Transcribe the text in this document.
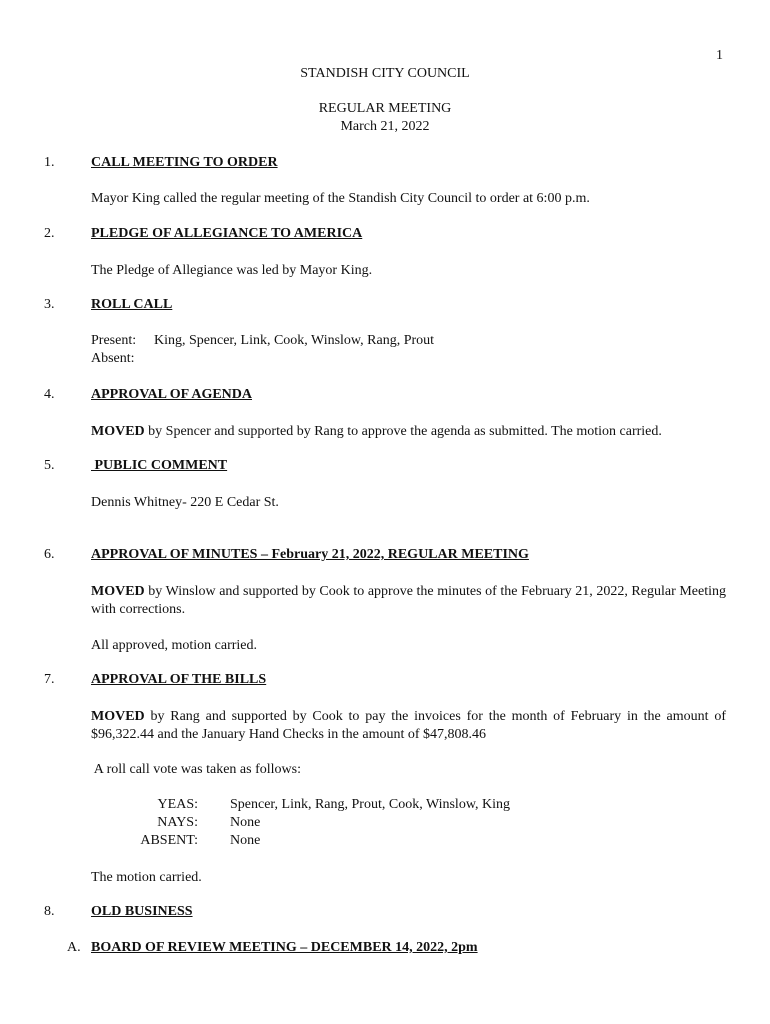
1
STANDISH CITY COUNCIL
REGULAR MEETING
March 21, 2022
1.	CALL MEETING TO ORDER
Mayor King called the regular meeting of the Standish City Council to order at 6:00 p.m.
2.	PLEDGE OF ALLEGIANCE TO AMERICA
The Pledge of Allegiance was led by Mayor King.
3.	ROLL CALL
Present: King, Spencer, Link, Cook, Winslow, Rang, Prout
Absent:
4.	APPROVAL OF AGENDA
MOVED by Spencer and supported by Rang to approve the agenda as submitted. The motion carried.
5.	PUBLIC COMMENT
Dennis Whitney- 220 E Cedar St.
6.	APPROVAL OF MINUTES – February 21, 2022, REGULAR MEETING
MOVED by Winslow and supported by Cook to approve the minutes of the February 21, 2022, Regular Meeting with corrections.
All approved, motion carried.
7.	APPROVAL OF THE BILLS
MOVED by Rang and supported by Cook to pay the invoices for the month of February in the amount of $96,322.44 and the January Hand Checks in the amount of $47,808.46
A roll call vote was taken as follows:
YEAS: Spencer, Link, Rang, Prout, Cook, Winslow, King
NAYS: None
ABSENT: None
The motion carried.
8.	OLD BUSINESS
A. BOARD OF REVIEW MEETING – DECEMBER 14, 2022, 2pm
